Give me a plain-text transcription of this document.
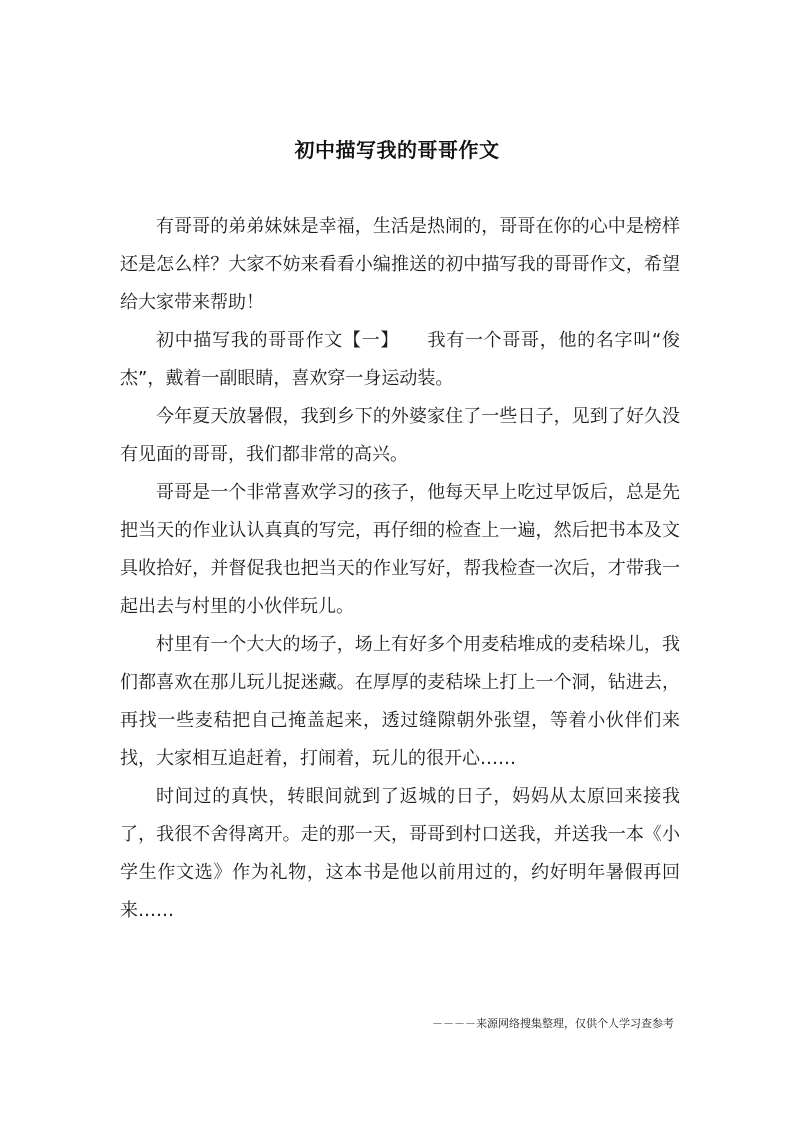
初中描写我的哥哥作文

有哥哥的弟弟妹妹是幸福，生活是热闹的，哥哥在你的心中是榜样还是怎么样？大家不妨来看看小编推送的初中描写我的哥哥作文，希望给大家带来帮助！

初中描写我的哥哥作文【一】　　我有一个哥哥，他的名字叫“俊杰”，戴着一副眼睛，喜欢穿一身运动装。

今年夏天放暑假，我到乡下的外婆家住了一些日子，见到了好久没有见面的哥哥，我们都非常的高兴。

哥哥是一个非常喜欢学习的孩子，他每天早上吃过早饭后，总是先把当天的作业认认真真的写完，再仔细的检查上一遍，然后把书本及文具收拾好，并督促我也把当天的作业写好，帮我检查一次后，才带我一起出去与村里的小伙伴玩儿。

村里有一个大大的场子，场上有好多个用麦秸堆成的麦秸垛儿，我们都喜欢在那儿玩儿捉迷藏。在厚厚的麦秸垛上打上一个洞，钻进去，再找一些麦秸把自己掩盖起来，透过缝隙朝外张望，等着小伙伴们来找，大家相互追赶着，打闹着，玩儿的很开心……

时间过的真快，转眼间就到了返城的日子，妈妈从太原回来接我了，我很不舍得离开。走的那一天，哥哥到村口送我，并送我一本《小学生作文选》作为礼物，这本书是他以前用过的，约好明年暑假再回来……

－－－－来源网络搜集整理，仅供个人学习查参考
